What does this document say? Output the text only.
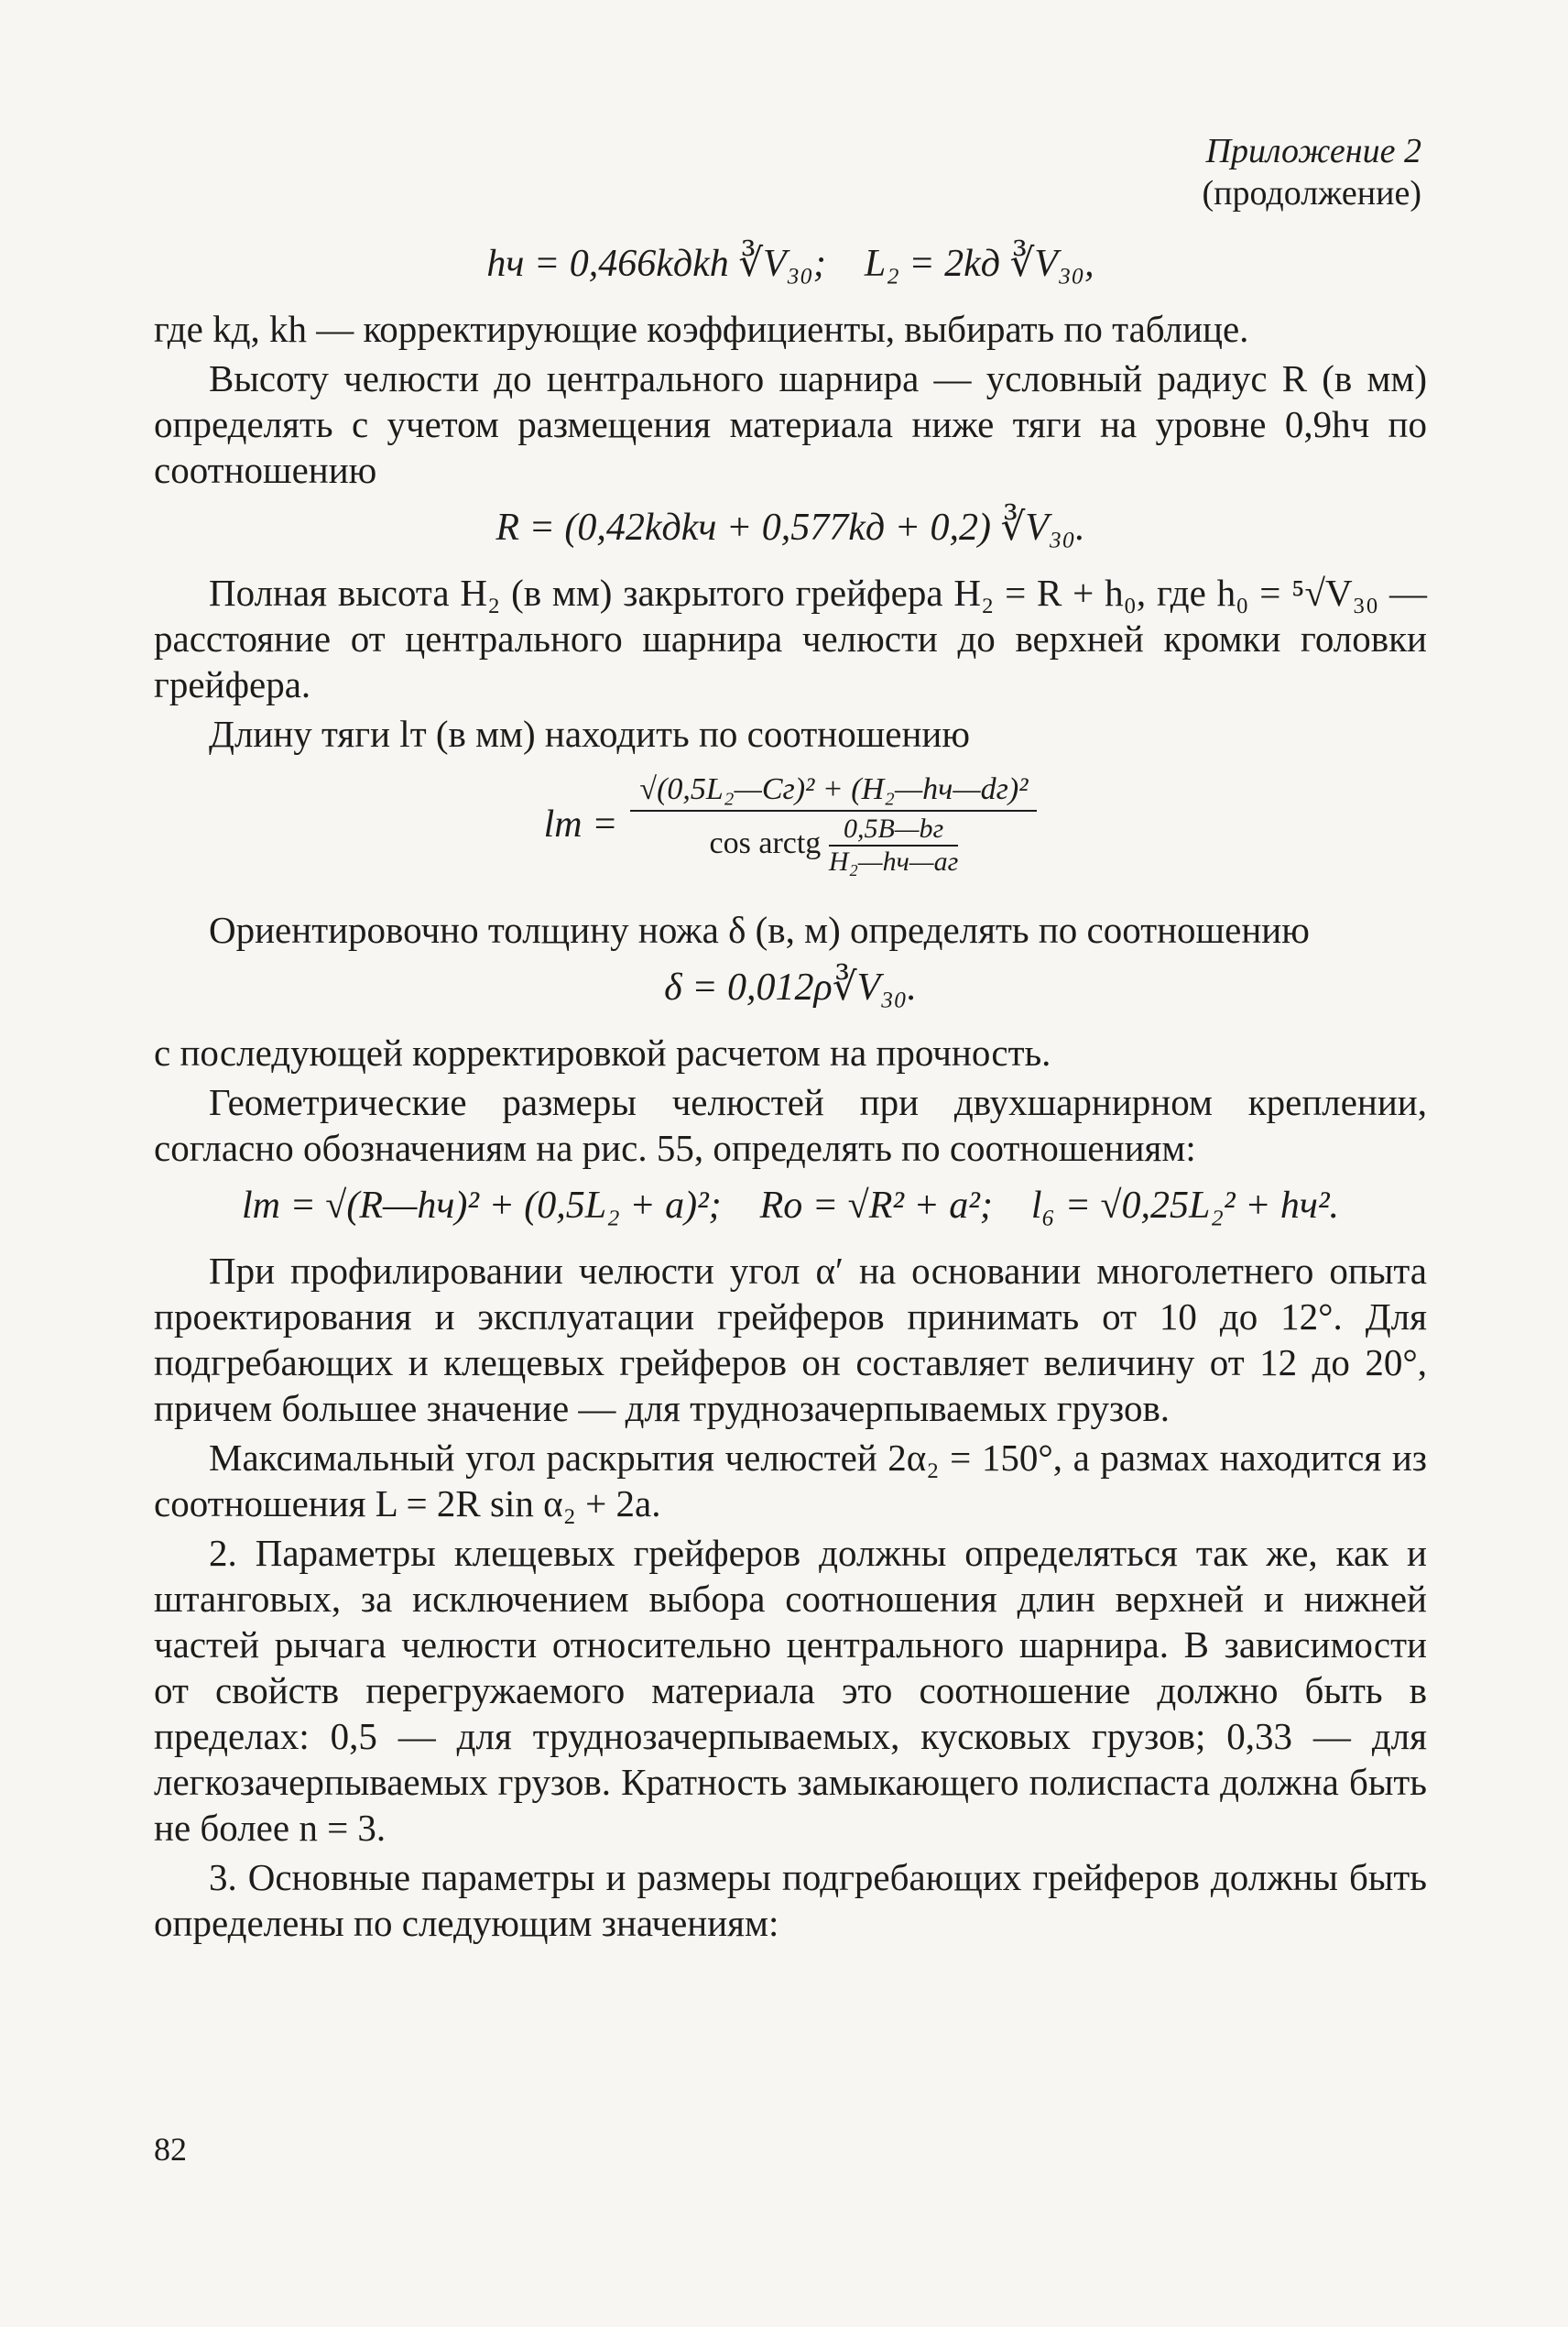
Приложение 2
(продолжение)
hч = 0,466kдkh ∛V₃₀;    L₂ = 2kд ∛V₃₀,

где kд, kh — корректирующие коэффициенты, выбирать по таблице.

Высоту челюсти до центрального шарнира — условный радиус R (в мм) определять с учетом размещения материала ниже тяги на уровне 0,9hч по соотношению

R = (0,42kдkч + 0,577kд + 0,2) ∛V₃₀.

Полная высота H₂ (в мм) закрытого грейфера H₂ = R + h₀, где h₀ = ⁵√V₃₀ — расстояние от центрального шарнира челюсти до верхней кромки головки грейфера.

Длину тяги lт (в мм) находить по соотношению

lт =
√(0,5L₂—Cг)² + (H₂—hч—dг)²
cos arctg 0,5B—bг
H₂—hч—aг

Ориентировочно толщину ножа δ (в, м) определять по соотношению

δ = 0,012ρ∛V₃₀.

с последующей корректировкой расчетом на прочность.

Геометрические размеры челюстей при двухшарнирном креплении, согласно обозначениям на рис. 55, определять по соотношениям:

lт = √(R—hч)² + (0,5L₂ + a)²;    Ro = √R² + a²;    l₆ = √0,25L₂² + hч².

При профилировании челюсти угол α′ на основании многолетнего опыта проектирования и эксплуатации грейферов принимать от 10 до 12°. Для подгребающих и клещевых грейферов он составляет величину от 12 до 20°, причем большее значение — для труднозачерпываемых грузов.

Максимальный угол раскрытия челюстей 2α₂ = 150°, а размах находится из соотношения L = 2R sin α₂ + 2a.

2. Параметры клещевых грейферов должны определяться так же, как и штанговых, за исключением выбора соотношения длин верхней и нижней частей рычага челюсти относительно центрального шарнира. В зависимости от свойств перегружаемого материала это соотношение должно быть в пределах: 0,5 — для труднозачерпываемых, кусковых грузов; 0,33 — для легкозачерпываемых грузов. Кратность замыкающего полиспаста должна быть не более n = 3.

3. Основные параметры и размеры подгребающих грейферов должны быть определены по следующим значениям:

82
